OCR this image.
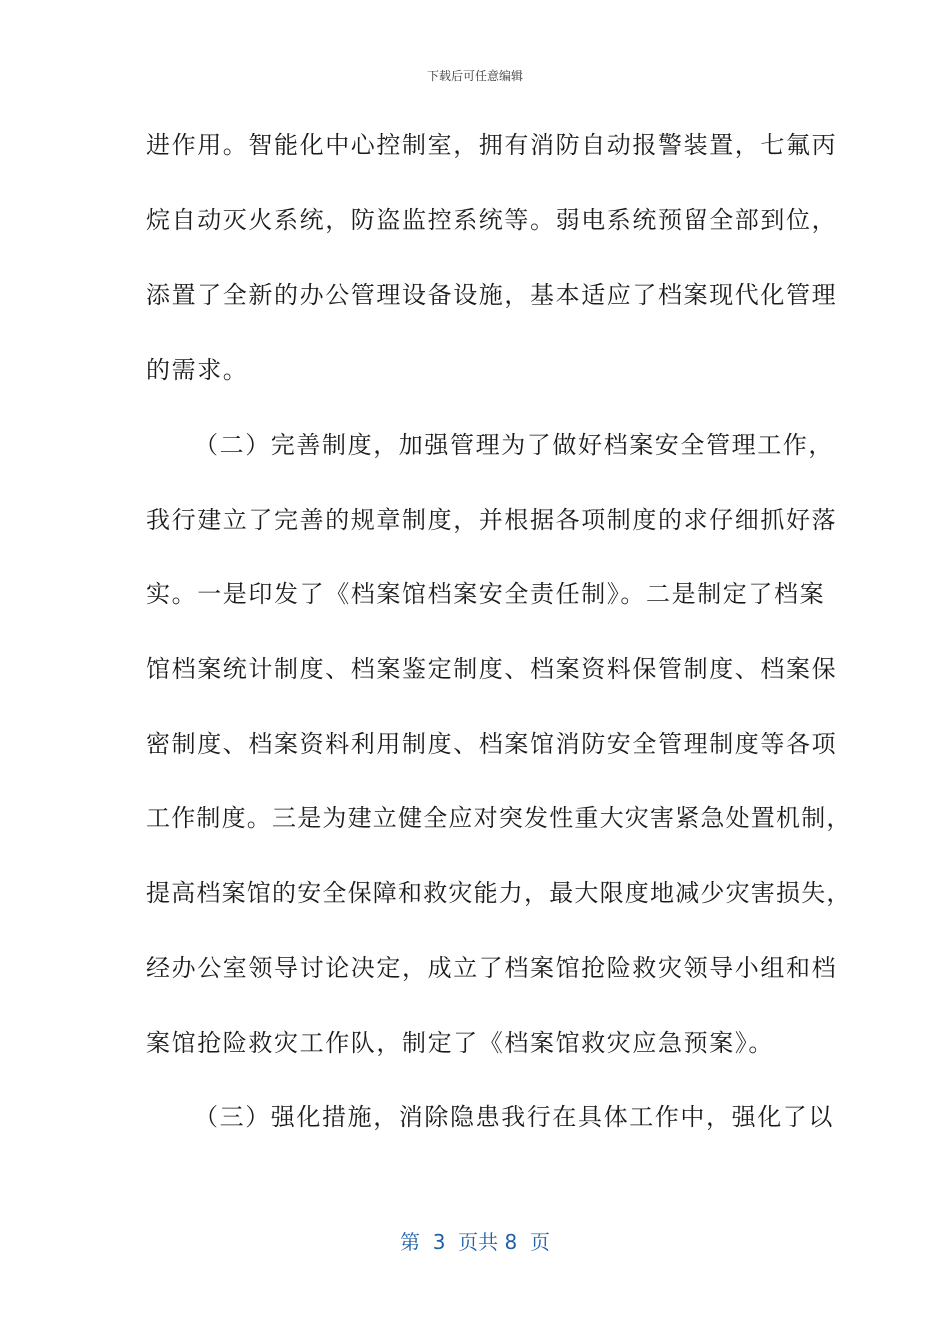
下载后可任意编辑
进作用。智能化中心控制室，拥有消防自动报警装置，七氟丙
烷自动灭火系统，防盗监控系统等。弱电系统预留全部到位，
添置了全新的办公管理设备设施，基本适应了档案现代化管理
的需求。
（二）完善制度，加强管理为了做好档案安全管理工作，
我行建立了完善的规章制度，并根据各项制度的求仔细抓好落
实。一是印发了《档案馆档案安全责任制》。二是制定了档案
馆档案统计制度、档案鉴定制度、档案资料保管制度、档案保
密制度、档案资料利用制度、档案馆消防安全管理制度等各项
工作制度。三是为建立健全应对突发性重大灾害紧急处置机制，
提高档案馆的安全保障和救灾能力，最大限度地减少灾害损失，
经办公室领导讨论决定，成立了档案馆抢险救灾领导小组和档
案馆抢险救灾工作队，制定了《档案馆救灾应急预案》。
（三）强化措施，消除隐患我行在具体工作中，强化了以
第  3  页共 8  页
